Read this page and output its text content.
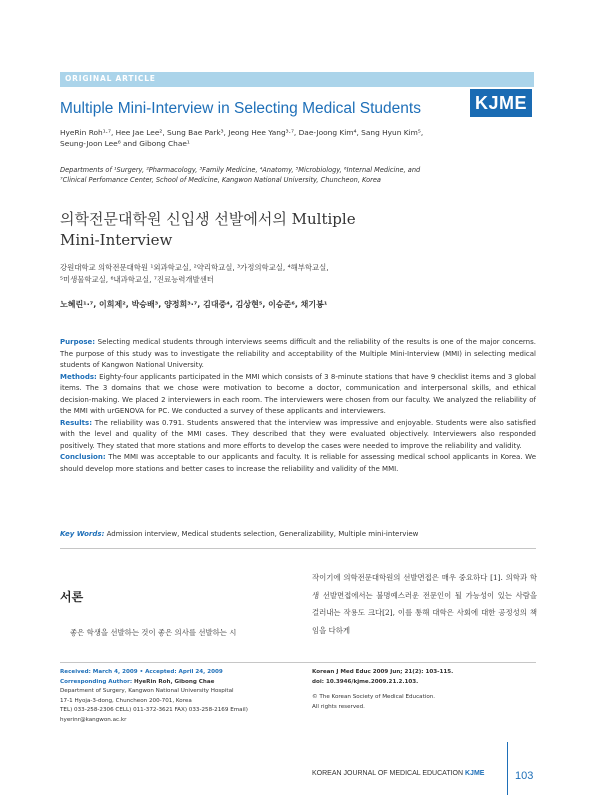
ORIGINAL ARTICLE
KJME
Multiple Mini-Interview in Selecting Medical Students
HyeRin Roh¹·⁷, Hee Jae Lee², Sung Bae Park³, Jeong Hee Yang³·⁷, Dae-Joong Kim⁴, Sang Hyun Kim⁵,
Seung-Joon Lee⁶ and Gibong Chae¹
Departments of ¹Surgery, ²Pharmacology, ³Family Medicine, ⁴Anatomy, ⁵Microbiology, ⁶Internal Medicine, and
⁷Clinical Perfomance Center, School of Medicine, Kangwon National University, Chuncheon, Korea
의학전문대학원 신입생 선발에서의 Multiple
Mini-Interview
강원대학교 의학전문대학원 ¹외과학교실, ²약리학교실, ³가정의학교실, ⁴해부학교실,
⁵미생물학교실, ⁶내과학교실, ⁷진료능력개발센터
노혜린¹·⁷, 이희제², 박승배³, 양정희³·⁷, 김대중⁴, 김상현⁵, 이승준⁶, 채기봉¹

Purpose: Selecting medical students through interviews seems difficult and the reliability of the results is one of the major concerns. The purpose of this study was to investigate the reliability and acceptability of the Multiple Mini-Interview (MMI) in selecting medical students of Kangwon National University.

Methods: Eighty-four applicants participated in the MMI which consists of 3 8-minute stations that have 9 checklist items and 3 global items. The 3 domains that we chose were motivation to become a doctor, communication and interpersonal skills, and ethical decision-making. We placed 2 interviewers in each room. The interviewers were chosen from our faculty. We analyzed the reliability of the MMI with urGENOVA for PC. We conducted a survey of these applicants and interviewers.

Results: The reliability was 0.791. Students answered that the interview was impressive and enjoyable. Students were also satisfied with the level and quality of the MMI cases. They described that they were evaluated objectively. Interviewers also responded positively. They stated that more stations and more efforts to develop the cases were needed to improve the reliability and validity.

Conclusion: The MMI was acceptable to our applicants and faculty. It is reliable for assessing medical school applicants in Korea. We should develop more stations and better cases to increase the reliability and validity of the MMI.

Key Words: Admission interview, Medical students selection, Generalizability, Multiple mini-interview
서론
좋은 학생을 선발하는 것이 좋은 의사를 선발하는 시
작이기에 의학전문대학원의 선발면접은 매우 중요하다 [1]. 의학과 학생 선발면접에서는 불명예스러운 전문인이 될 가능성이 있는 사람을 걸러내는 작용도 크다[2], 이를 통해 대학은 사회에 대한 공정성의 책임을 다하게
Received: March 4, 2009 • Accepted: April 24, 2009
Corresponding Author: HyeRin Roh, Gibong Chae
Department of Surgery, Kangwon National University Hospital
17-1 Hyoja-3-dong, Chuncheon 200-701, Korea
TEL) 033-258-2306 CELL) 011-372-3621 FAX) 033-258-2169 Email) hyerinr@kangwon.ac.kr
Korean J Med Educ 2009 Jun; 21(2): 103-115.
doi: 10.3946/kjme.2009.21.2.103.
© The Korean Society of Medical Education.
All rights reserved.
KOREAN JOURNAL OF MEDICAL EDUCATION KJME	103
